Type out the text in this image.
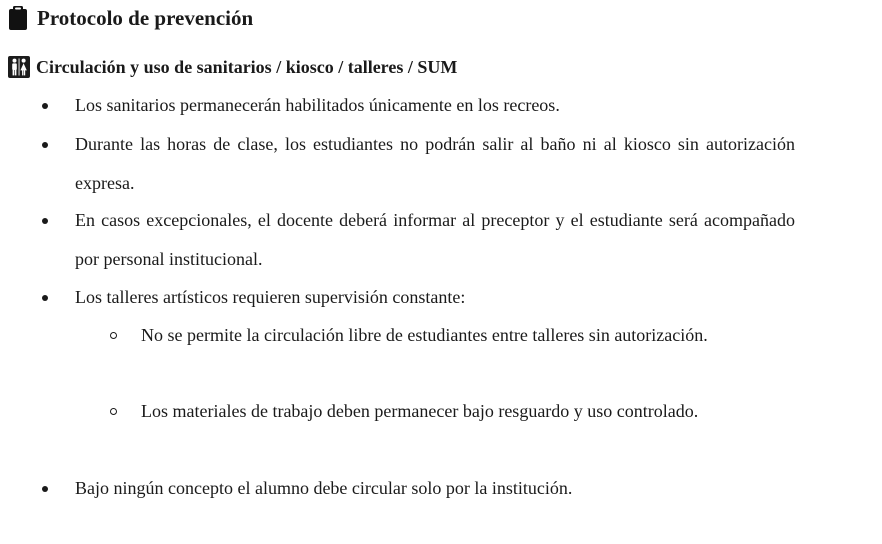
Protocolo de prevención
Circulación y uso de sanitarios / kiosco / talleres / SUM
Los sanitarios permanecerán habilitados únicamente en los recreos.
Durante las horas de clase, los estudiantes no podrán salir al baño ni al kiosco sin autorización expresa.
En casos excepcionales, el docente deberá informar al preceptor y el estudiante será acompañado por personal institucional.
Los talleres artísticos requieren supervisión constante:
No se permite la circulación libre de estudiantes entre talleres sin autorización.
Los materiales de trabajo deben permanecer bajo resguardo y uso controlado.
Bajo ningún concepto el alumno debe circular solo por la institución.
